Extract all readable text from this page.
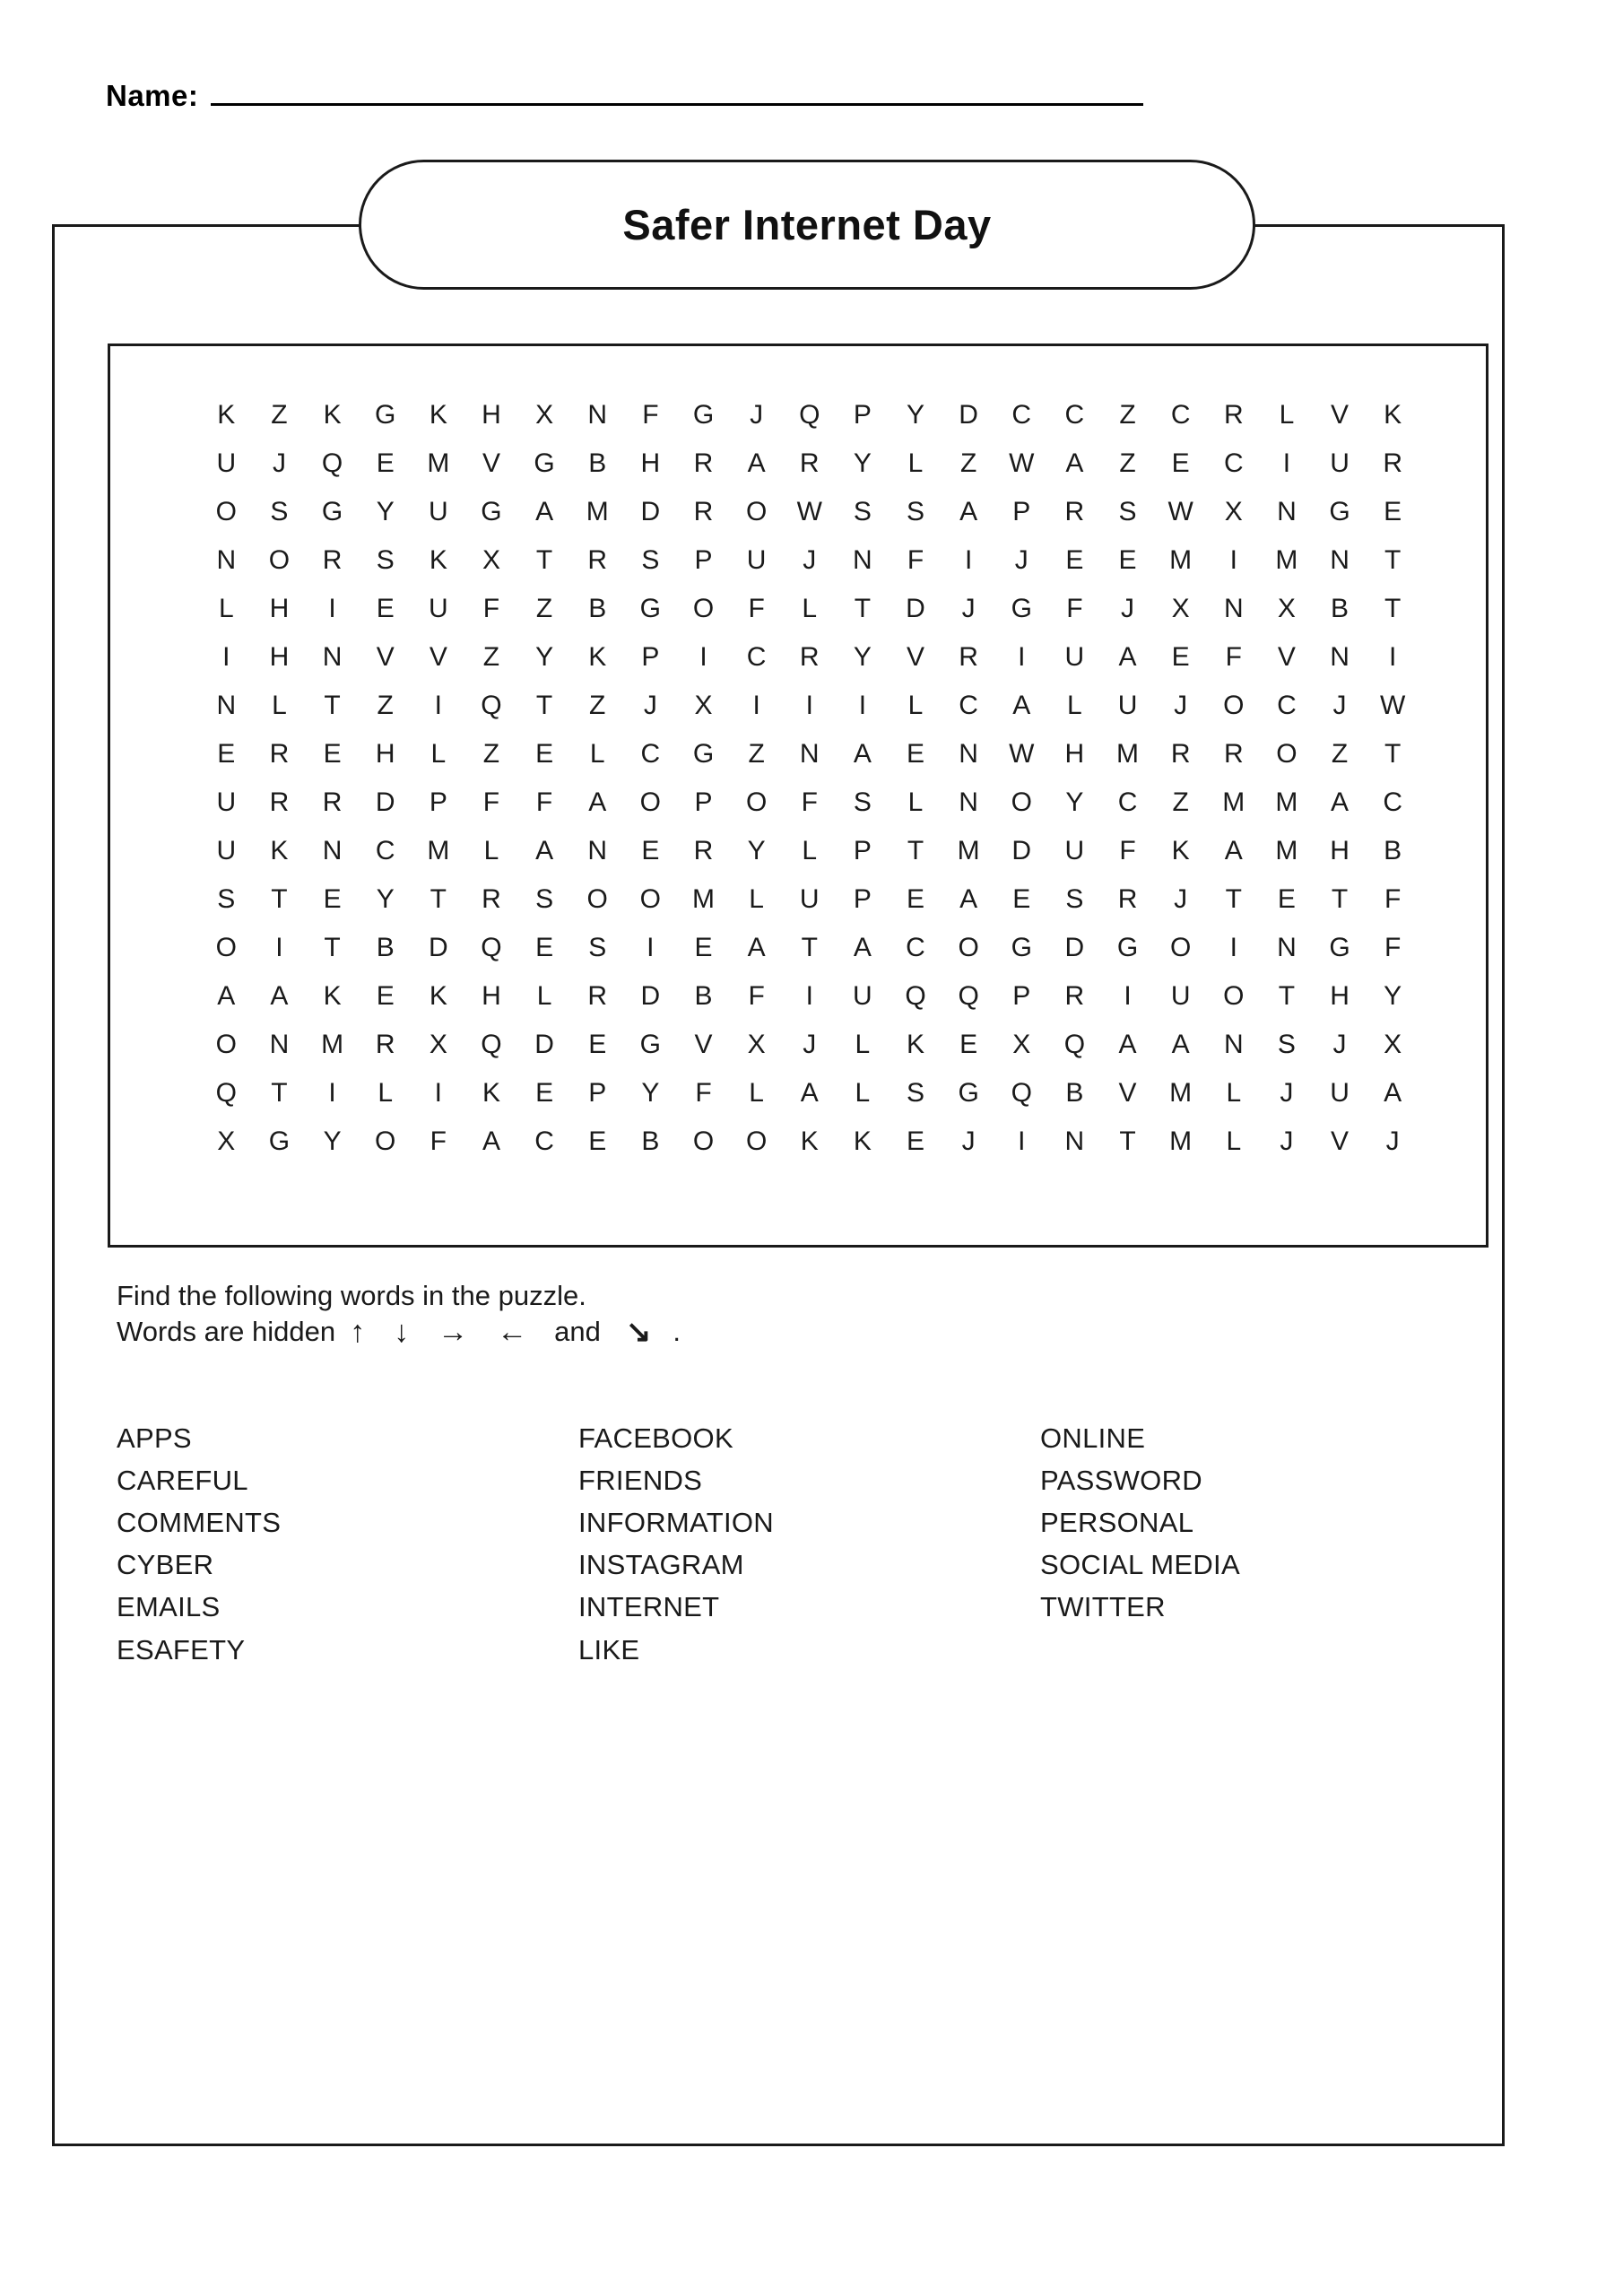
Name:
Safer Internet Day
K	Z	K	G	K	H	X	N	F	G	J	Q	P	Y	D	C	C	Z	C	R	L	V	K
U	J	Q	E	M	V	G	B	H	R	A	R	Y	L	Z	W	A	Z	E	C	I	U	R
O	S	G	Y	U	G	A	M	D	R	O	W	S	S	A	P	R	S	W	X	N	G	E
N	O	R	S	K	X	T	R	S	P	U	J	N	F	I	J	E	E	M	I	M	N	T
L	H	I	E	U	F	Z	B	G	O	F	L	T	D	J	G	F	J	X	N	X	B	T
I	H	N	V	V	Z	Y	K	P	I	C	R	Y	V	R	I	U	A	E	F	V	N	I
N	L	T	Z	I	Q	T	Z	J	X	I	I	I	L	C	A	L	U	J	O	C	J	W
E	R	E	H	L	Z	E	L	C	G	Z	N	A	E	N	W	H	M	R	R	O	Z	T
U	R	R	D	P	F	F	A	O	P	O	F	S	L	N	O	Y	C	Z	M	M	A	C
U	K	N	C	M	L	A	N	E	R	Y	L	P	T	M	D	U	F	K	A	M	H	B
S	T	E	Y	T	R	S	O	O	M	L	U	P	E	A	E	S	R	J	T	E	T	F
O	I	T	B	D	Q	E	S	I	E	A	T	A	C	O	G	D	G	O	I	N	G	F
A	A	K	E	K	H	L	R	D	B	F	I	U	Q	Q	P	R	I	U	O	T	H	Y
O	N	M	R	X	Q	D	E	G	V	X	J	L	K	E	X	Q	A	A	N	S	J	X
Q	T	I	L	I	K	E	P	Y	F	L	A	L	S	G	Q	B	V	M	L	J	U	A
X	G	Y	O	F	A	C	E	B	O	O	K	K	E	J	I	N	T	M	L	J	V	J
Find the following words in the puzzle.
Words are hidden ↑ ↓ → ← and ↘ .
APPS
CAREFUL
COMMENTS
CYBER
EMAILS
ESAFETY
FACEBOOK
FRIENDS
INFORMATION
INSTAGRAM
INTERNET
LIKE
ONLINE
PASSWORD
PERSONAL
SOCIAL MEDIA
TWITTER
